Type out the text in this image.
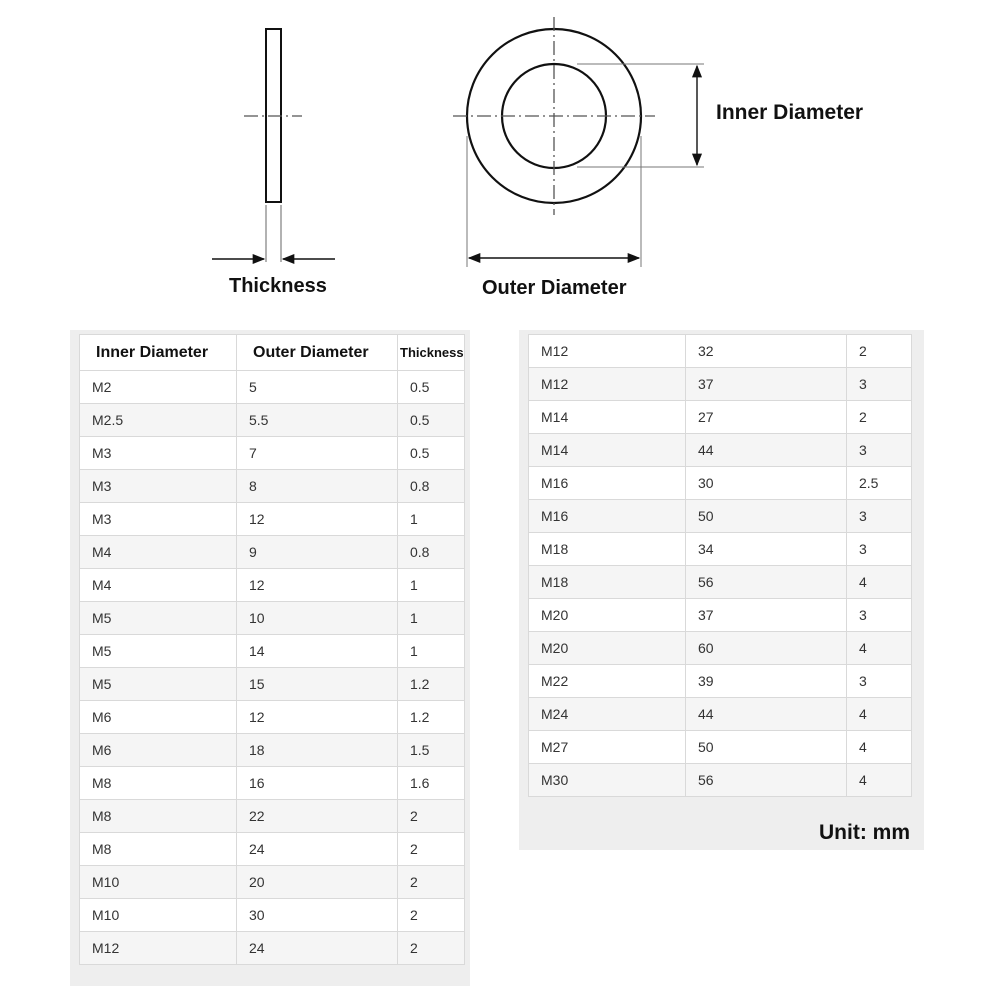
Inner Diameter
Thickness	Outer Diameter
Inner Diameter	Outer Diameter	Thickness
M2	5	0.5
M2.5	5.5	0.5
M3	7	0.5
M3	8	0.8
M3	12	1
M4	9	0.8
M4	12	1
M5	10	1
M5	14	1
M5	15	1.2
M6	12	1.2
M6	18	1.5
M8	16	1.6
M8	22	2
M8	24	2
M10	20	2
M10	30	2
M12	24	2
M12	32	2
M12	37	3
M14	27	2
M14	44	3
M16	30	2.5
M16	50	3
M18	34	3
M18	56	4
M20	37	3
M20	60	4
M22	39	3
M24	44	4
M27	50	4
M30	56	4
Unit: mm
